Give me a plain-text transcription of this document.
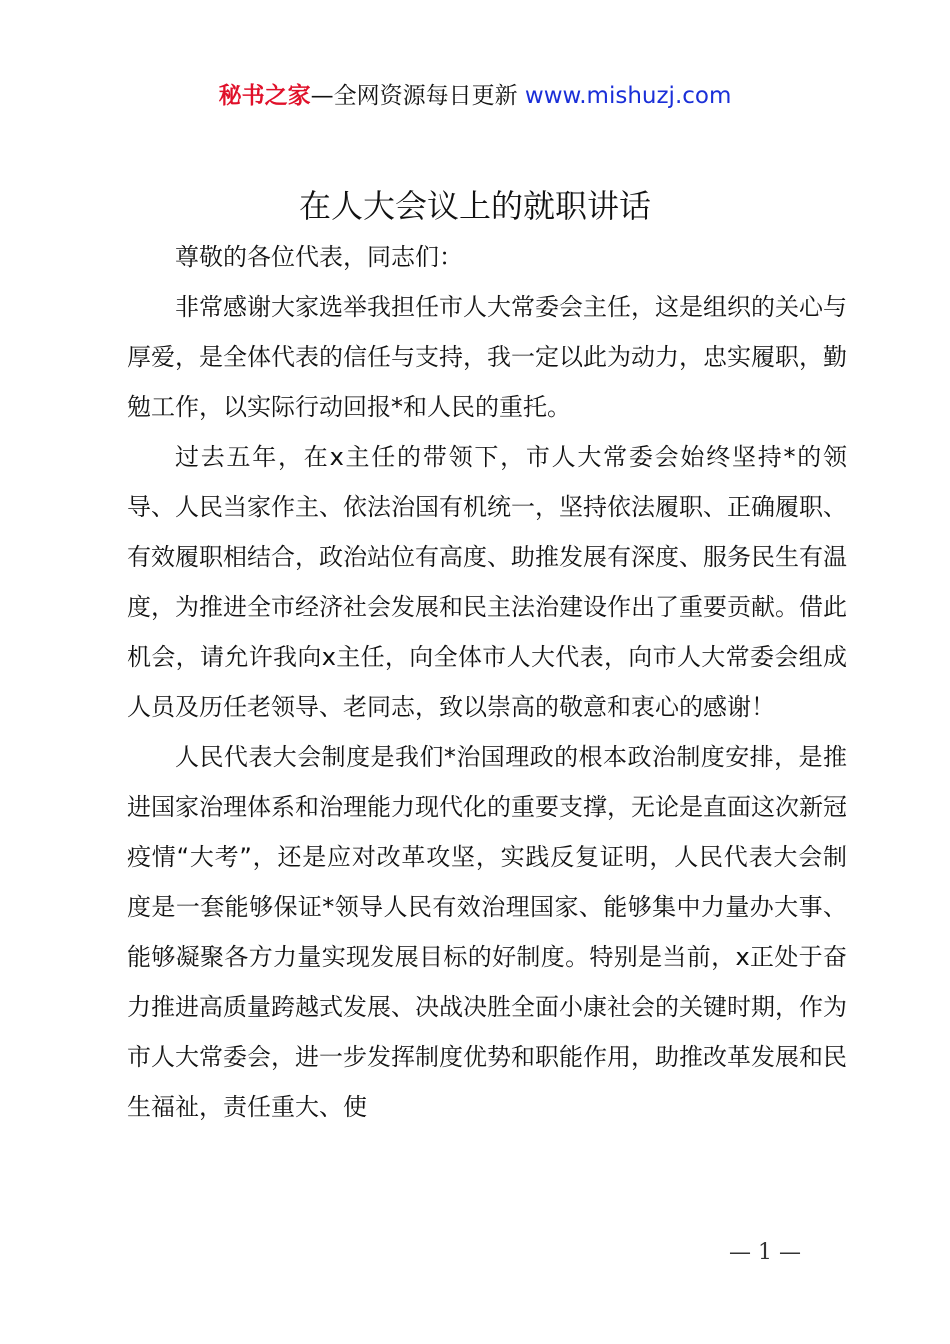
秘书之家—全网资源每日更新 www.mishuzj.com
在人大会议上的就职讲话

尊敬的各位代表，同志们：

非常感谢大家选举我担任市人大常委会主任，这是组织的关心与厚爱，是全体代表的信任与支持，我一定以此为动力，忠实履职，勤勉工作，以实际行动回报*和人民的重托。

过去五年，在x主任的带领下，市人大常委会始终坚持*的领导、人民当家作主、依法治国有机统一，坚持依法履职、正确履职、有效履职相结合，政治站位有高度、助推发展有深度、服务民生有温度，为推进全市经济社会发展和民主法治建设作出了重要贡献。借此机会，请允许我向x主任，向全体市人大代表，向市人大常委会组成人员及历任老领导、老同志，致以崇高的敬意和衷心的感谢！

人民代表大会制度是我们*治国理政的根本政治制度安排，是推进国家治理体系和治理能力现代化的重要支撑，无论是直面这次新冠疫情“大考”，还是应对改革攻坚，实践反复证明，人民代表大会制度是一套能够保证*领导人民有效治理国家、能够集中力量办大事、能够凝聚各方力量实现发展目标的好制度。特别是当前，x正处于奋力推进高质量跨越式发展、决战决胜全面小康社会的关键时期，作为市人大常委会，进一步发挥制度优势和职能作用，助推改革发展和民生福祉，责任重大、使

— 1 —
